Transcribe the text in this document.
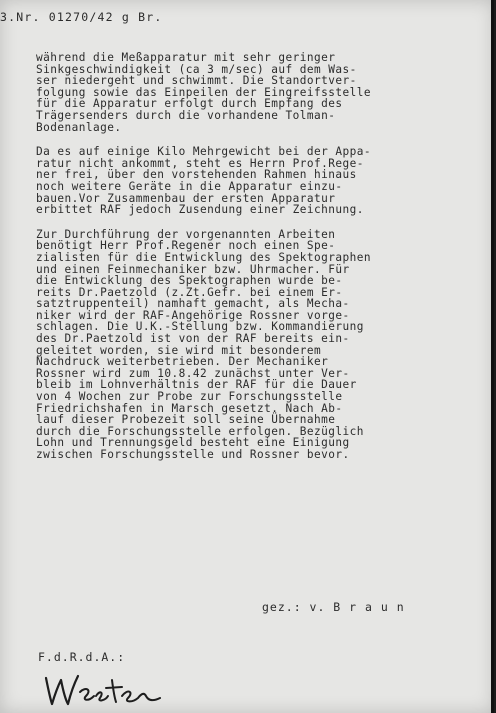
3.Nr. 01270/42 g Br.
während die Meßapparatur mit sehr geringer
Sinkgeschwindigkeit (ca 3 m/sec) auf dem Was-
ser niedergeht und schwimmt. Die Standortver-
folgung sowie das Einpeilen der Eingreifsstelle
für die Apparatur erfolgt durch Empfang des
Trägersenders durch die vorhandene Tolman-
Bodenanlage.
Da es auf einige Kilo Mehrgewicht bei der Appa-
ratur nicht ankommt, steht es Herrn Prof.Rege-
ner frei, über den vorstehenden Rahmen hinaus
noch weitere Geräte in die Apparatur einzu-
bauen.Vor Zusammenbau der ersten Apparatur
erbittet RAF jedoch Zusendung einer Zeichnung.
Zur Durchführung der vorgenannten Arbeiten
benötigt Herr Prof.Regener noch einen Spe-
zialisten für die Entwicklung des Spektographen
und einen Feinmechaniker bzw. Uhrmacher. Für
die Entwicklung des Spektographen wurde be-
reits Dr.Paetzold (z.Zt.Gefr. bei einem Er-
satztruppenteil) namhaft gemacht, als Mecha-
niker wird der RAF-Angehörige Rossner vorge-
schlagen. Die U.K.-Stellung bzw. Kommandierung
des Dr.Paetzold ist von der RAF bereits ein-
geleitet worden, sie wird mit besonderem
Nachdruck weiterbetrieben. Der Mechaniker
Rossner wird zum 10.8.42 zunächst unter Ver-
bleib im Lohnverhältnis der RAF für die Dauer
von 4 Wochen zur Probe zur Forschungsstelle
Friedrichshafen in Marsch gesetzt. Nach Ab-
lauf dieser Probezeit soll seine Übernahme
durch die Forschungsstelle erfolgen. Bezüglich
Lohn und Trennungsgeld besteht eine Einigung
zwischen Forschungsstelle und Rossner bevor.
gez.: v. B r a u n
F.d.R.d.A.:
